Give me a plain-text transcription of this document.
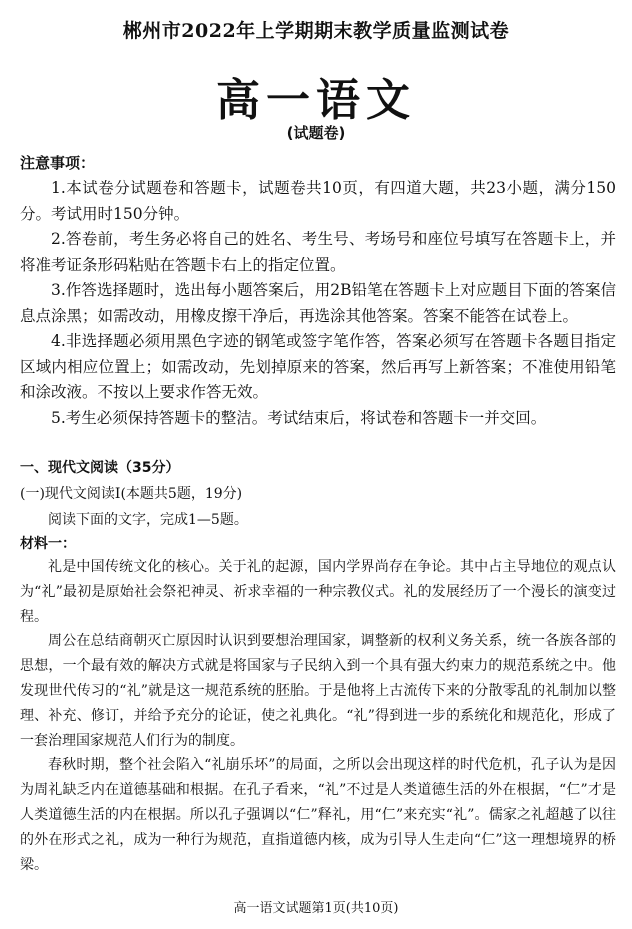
郴州市2022年上学期期末教学质量监测试卷
高一语文
(试题卷)
注意事项：

1.本试卷分试题卷和答题卡，试题卷共10页，有四道大题，共23小题，满分150分。考试用时150分钟。

2.答卷前，考生务必将自己的姓名、考生号、考场号和座位号填写在答题卡上，并将准考证条形码粘贴在答题卡右上的指定位置。

3.作答选择题时，选出每小题答案后，用2B铅笔在答题卡上对应题目下面的答案信息点涂黑；如需改动，用橡皮擦干净后，再选涂其他答案。答案不能答在试卷上。

4.非选择题必须用黑色字迹的钢笔或签字笔作答，答案必须写在答题卡各题目指定区域内相应位置上；如需改动，先划掉原来的答案，然后再写上新答案；不准使用铅笔和涂改液。不按以上要求作答无效。

5.考生必须保持答题卡的整洁。考试结束后，将试卷和答题卡一并交回。

一、现代文阅读（35分）
(一)现代文阅读Ⅰ(本题共5题，19分)
阅读下面的文字，完成1—5题。
材料一：

礼是中国传统文化的核心。关于礼的起源，国内学界尚存在争论。其中占主导地位的观点认为“礼”最初是原始社会祭祀神灵、祈求幸福的一种宗教仪式。礼的发展经历了一个漫长的演变过程。

周公在总结商朝灭亡原因时认识到要想治理国家，调整新的权利义务关系，统一各族各部的思想，一个最有效的解决方式就是将国家与子民纳入到一个具有强大约束力的规范系统之中。他发现世代传习的“礼”就是这一规范系统的胚胎。于是他将上古流传下来的分散零乱的礼制加以整理、补充、修订，并给予充分的论证，使之礼典化。“礼”得到进一步的系统化和规范化，形成了一套治理国家规范人们行为的制度。

春秋时期，整个社会陷入“礼崩乐坏”的局面，之所以会出现这样的时代危机，孔子认为是因为周礼缺乏内在道德基础和根据。在孔子看来，“礼”不过是人类道德生活的外在根据，“仁”才是人类道德生活的内在根据。所以孔子强调以“仁”释礼，用“仁”来充实“礼”。儒家之礼超越了以往的外在形式之礼，成为一种行为规范，直指道德内核，成为引导人生走向“仁”这一理想境界的桥梁。

高一语文试题第1页(共10页)
